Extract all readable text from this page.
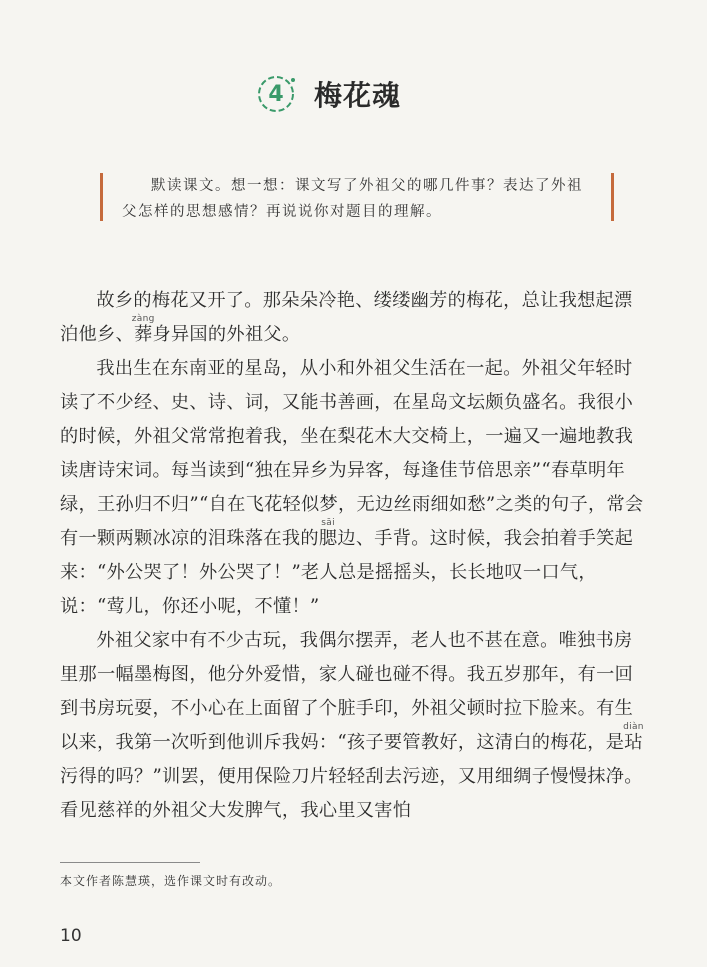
4 梅花魂
默读课文。想一想：课文写了外祖父的哪几件事？表达了外祖父怎样的思想感情？再说说你对题目的理解。

故乡的梅花又开了。那朵朵冷艳、缕缕幽芳的梅花，总让我想起漂泊他乡、葬zàng身异国的外祖父。

我出生在东南亚的星岛，从小和外祖父生活在一起。外祖父年轻时读了不少经、史、诗、词，又能书善画，在星岛文坛颇负盛名。我很小的时候，外祖父常常抱着我，坐在梨花木大交椅上，一遍又一遍地教我读唐诗宋词。每当读到“独在异乡为异客，每逢佳节倍思亲”“春草明年绿，王孙归不归”“自在飞花轻似梦，无边丝雨细如愁”之类的句子，常会有一颗两颗冰凉的泪珠落在我的腮sāi边、手背。这时候，我会拍着手笑起来：“外公哭了！外公哭了！”老人总是摇摇头，长长地叹一口气，说：“莺儿，你还小呢，不懂！”

外祖父家中有不少古玩，我偶尔摆弄，老人也不甚在意。唯独书房里那一幅墨梅图，他分外爱惜，家人碰也碰不得。我五岁那年，有一回到书房玩耍，不小心在上面留了个脏手印，外祖父顿时拉下脸来。有生以来，我第一次听到他训斥我妈：“孩子要管教好，这清白的梅花，是玷diàn污得的吗？”训罢，便用保险刀片轻轻刮去污迹，又用细绸子慢慢抹净。看见慈祥的外祖父大发脾气，我心里又害怕

本文作者陈慧瑛，选作课文时有改动。
10
